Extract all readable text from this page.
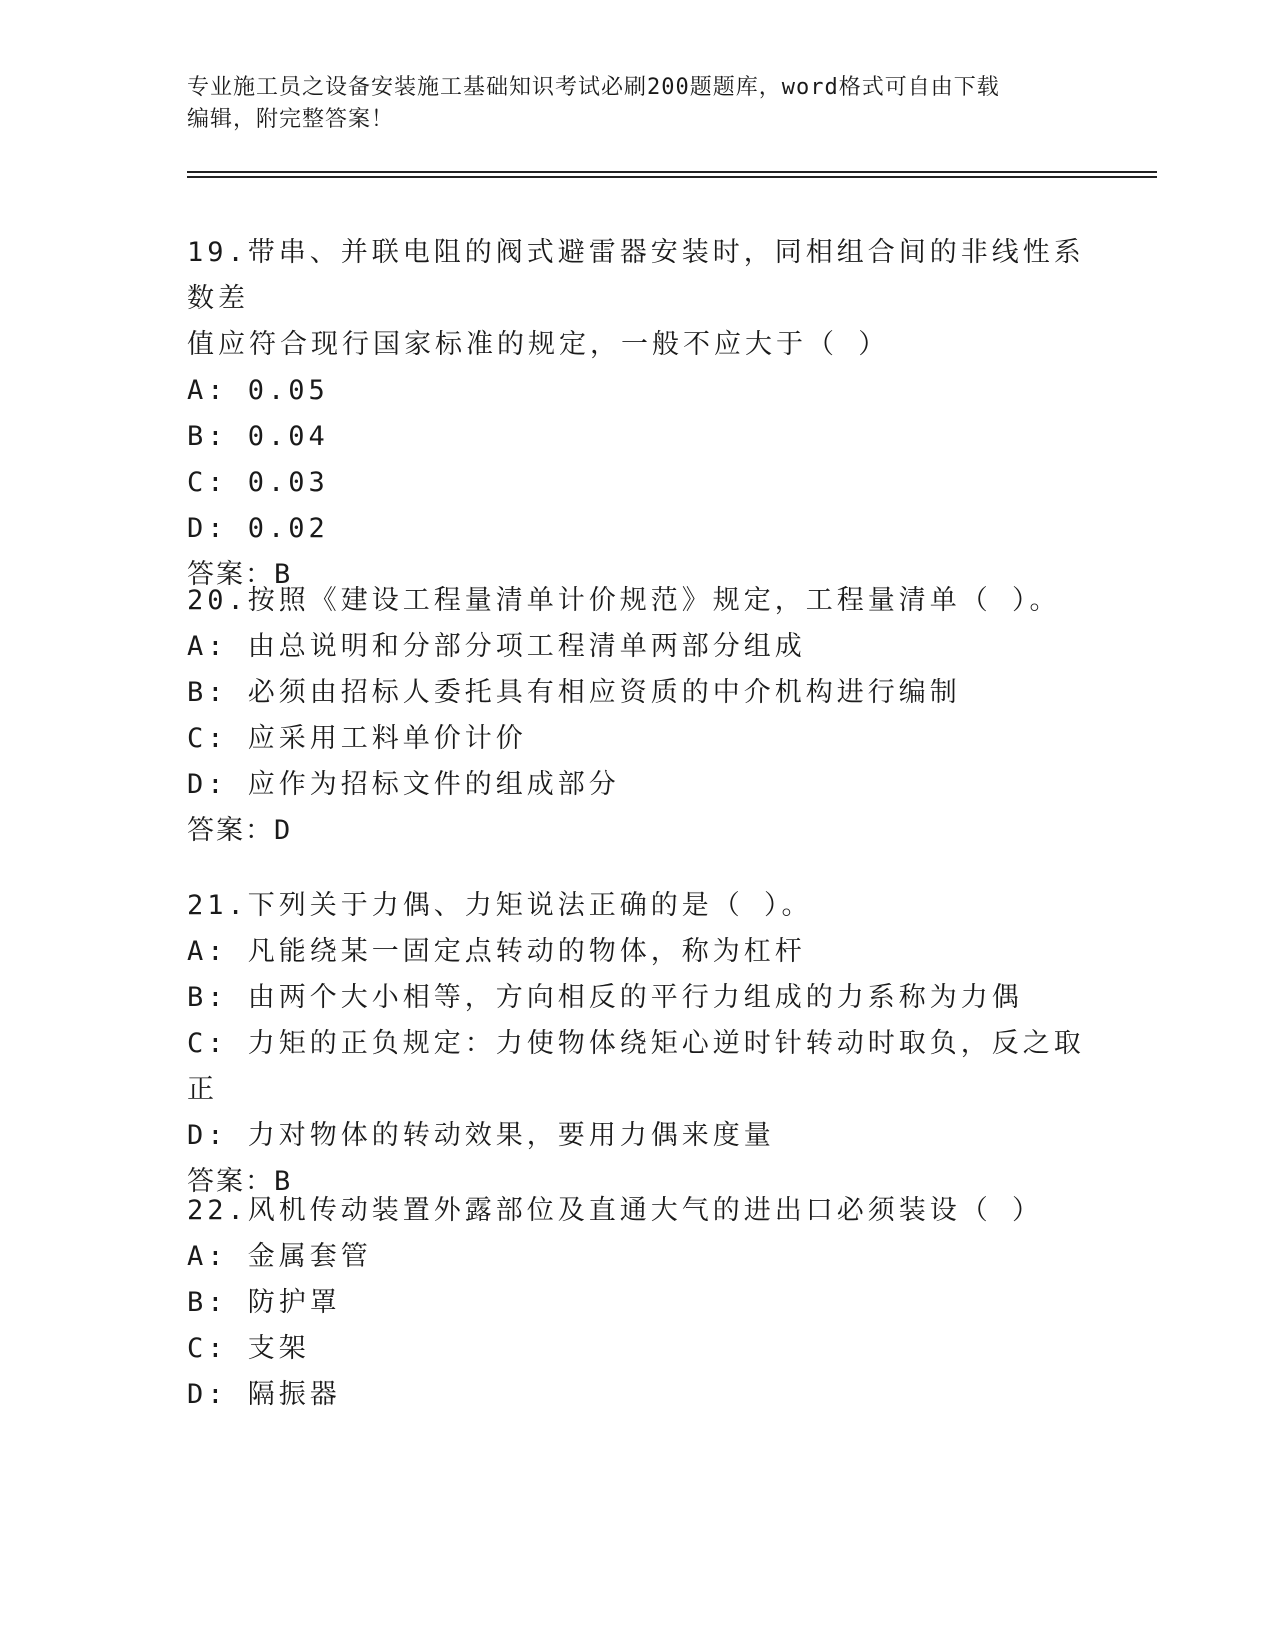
专业施工员之设备安装施工基础知识考试必刷200题题库，word格式可自由下载
编辑，附完整答案！

19.带串、并联电阻的阀式避雷器安装时，同相组合间的非线性系数差

值应符合现行国家标准的规定，一般不应大于（ ）

A: 0.05

B: 0.04

C: 0.03

D: 0.02

答案：B

20.按照《建设工程量清单计价规范》规定，工程量清单（ ）。

A: 由总说明和分部分项工程清单两部分组成

B: 必须由招标人委托具有相应资质的中介机构进行编制

C: 应采用工料单价计价

D: 应作为招标文件的组成部分

答案：D

21.下列关于力偶、力矩说法正确的是（ ）。

A: 凡能绕某一固定点转动的物体，称为杠杆

B: 由两个大小相等，方向相反的平行力组成的力系称为力偶

C: 力矩的正负规定：力使物体绕矩心逆时针转动时取负，反之取正

D: 力对物体的转动效果，要用力偶来度量

答案：B

22.风机传动装置外露部位及直通大气的进出口必须装设（ ）

A: 金属套管

B: 防护罩

C: 支架

D: 隔振器
